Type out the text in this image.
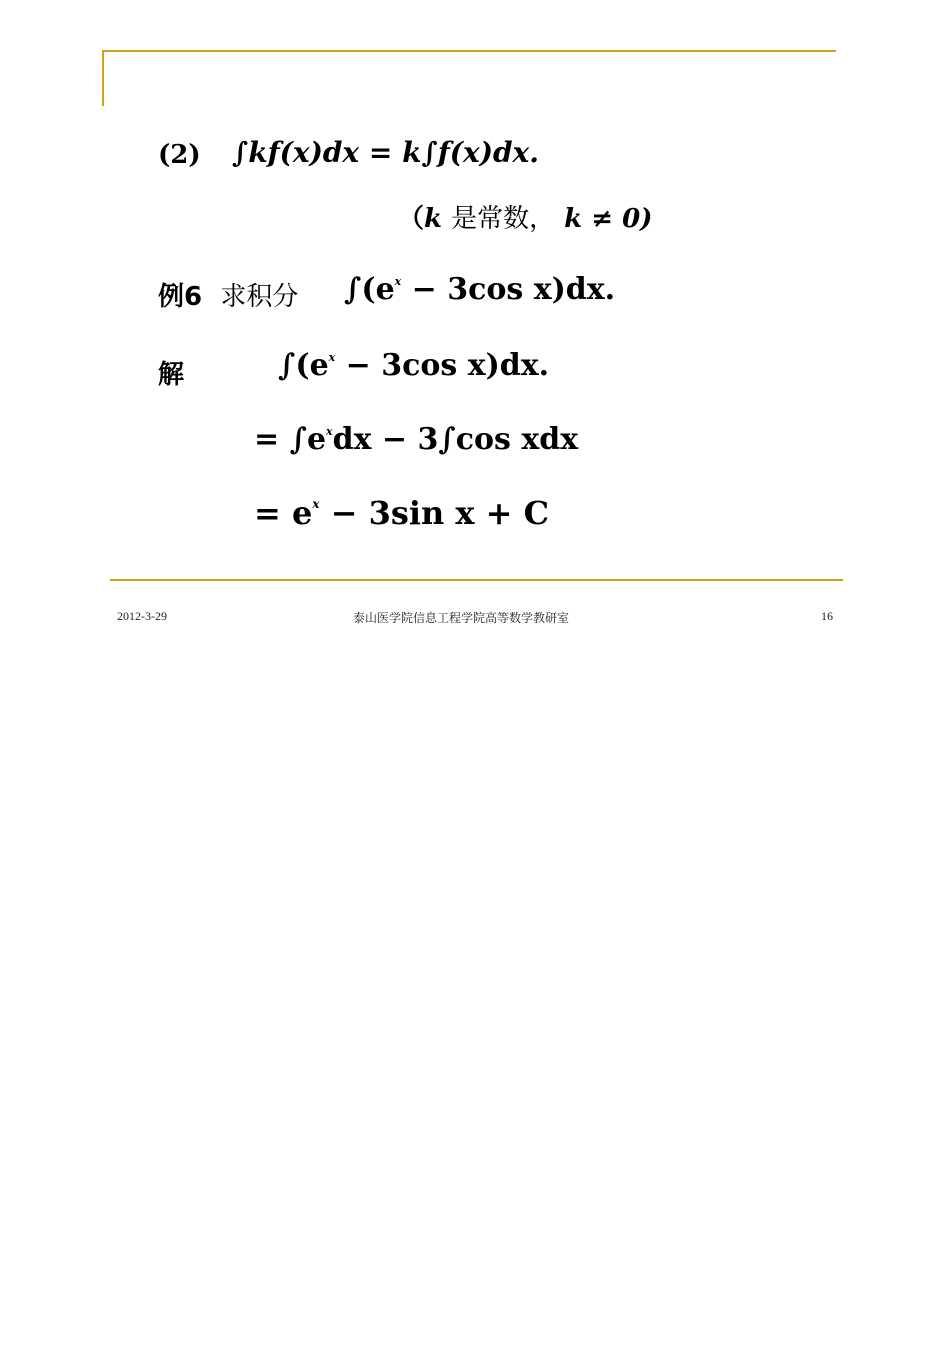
(2) ∫kf(x)dx = k∫f(x)dx.
（k 是常数， k ≠ 0)
例6 求积分 $\int(e^x - 3\cos$ x)dx.
解	$\int(e^x - 3\cos$ x)dx.
= $\int e^xdx - 3\int\cos$ xdx
= $e^x - 3\sin$ x + C
2012-3-29	泰山医学院信息工程学院高等数学教研室	16
